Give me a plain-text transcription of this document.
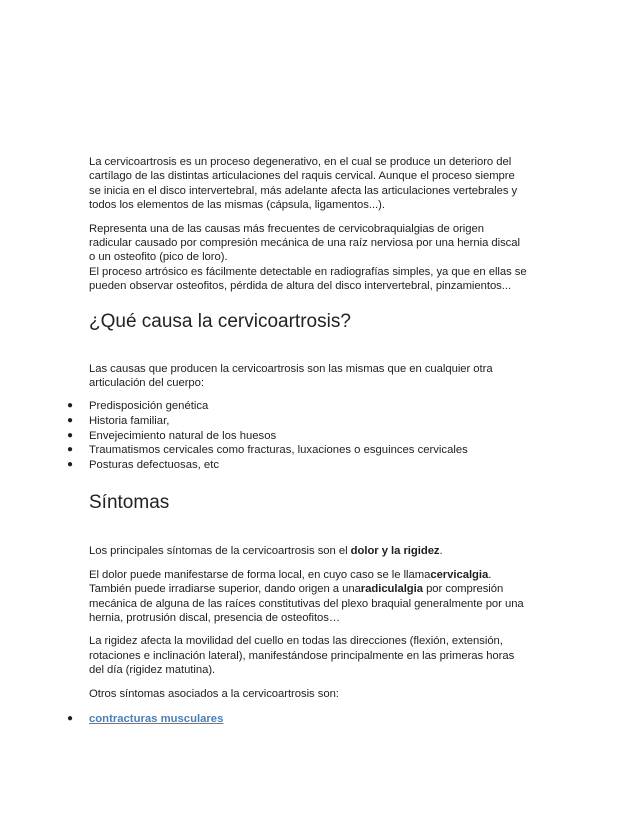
La cervicoartrosis es un proceso degenerativo, en el cual se produce un deterioro del cartílago de las distintas articulaciones del raquis cervical. Aunque el proceso siempre se inicia en el disco intervertebral, más adelante afecta las articulaciones vertebrales y todos los elementos de las mismas (cápsula, ligamentos...).

Representa una de las causas más frecuentes de cervicobraquialgias de origen radicular causado por compresión mecánica de una raíz nerviosa por una hernia discal o un osteofito (pico de loro).

El proceso artrósico es fácilmente detectable en radiografías simples, ya que en ellas se pueden observar osteofitos, pérdida de altura del disco intervertebral, pinzamientos...

¿Qué causa la cervicoartrosis?

Las causas que producen la cervicoartrosis son las mismas que en cualquier otra articulación del cuerpo:

● Predisposición genética
● Historia familiar,
● Envejecimiento natural de los huesos
● Traumatismos cervicales como fracturas, luxaciones o esguinces cervicales
● Posturas defectuosas, etc
Síntomas

Los principales síntomas de la cervicoartrosis son el dolor y la rigidez.

El dolor puede manifestarse de forma local, en cuyo caso se le llamacervicalgia. También puede irradiarse superior, dando origen a unaradiculalgia por compresión mecánica de alguna de las raíces constitutivas del plexo braquial generalmente por una hernia, protrusión discal, presencia de osteofitos…

La rigidez afecta la movilidad del cuello en todas las direcciones (flexión, extensión, rotaciones e inclinación lateral), manifestándose principalmente en las primeras horas del día (rigidez matutina).

Otros síntomas asociados a la cervicoartrosis son:

● contracturas musculares
